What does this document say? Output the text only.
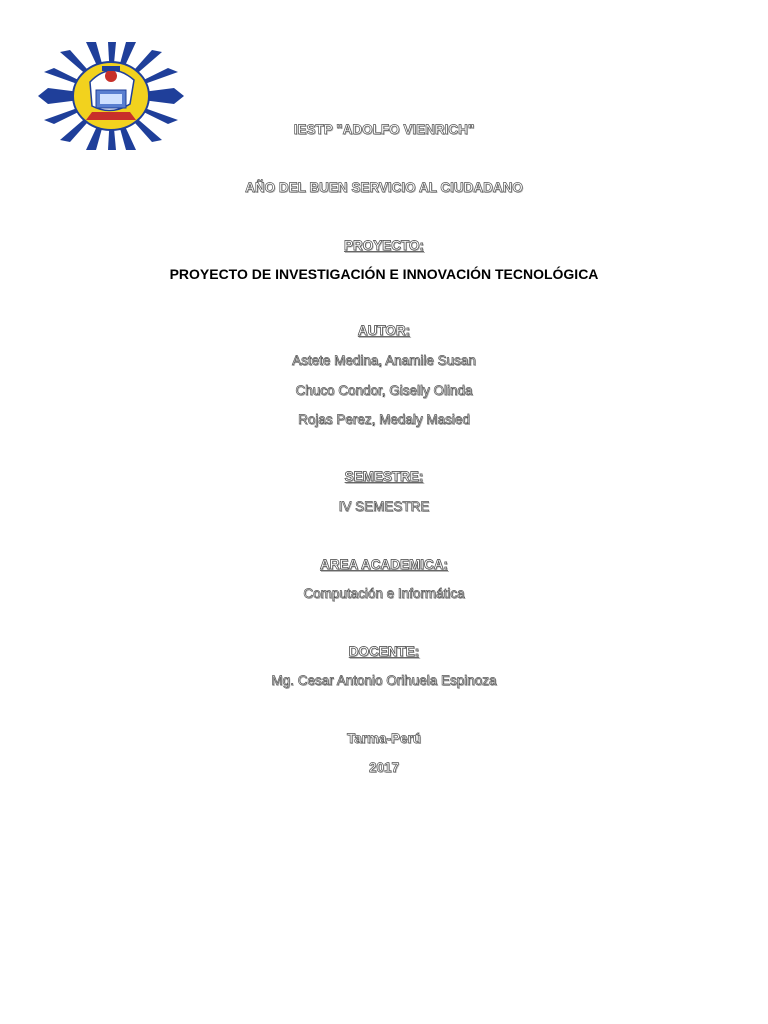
IESTP "ADOLFO VIENRICH"
AÑO DEL BUEN SERVICIO AL CIUDADANO
PROYECTO:
PROYECTO DE INVESTIGACIÓN E INNOVACIÓN TECNOLÓGICA
AUTOR:
Astete Medina, Anamile Susan
Chuco Condor, Giselly Olinda
Rojas Perez, Medaly Masied
SEMESTRE:
IV SEMESTRE
AREA ACADEMICA:
Computación e Informática
DOCENTE:
Mg. Cesar Antonio Orihuela Espinoza
Tarma-Perú
2017
